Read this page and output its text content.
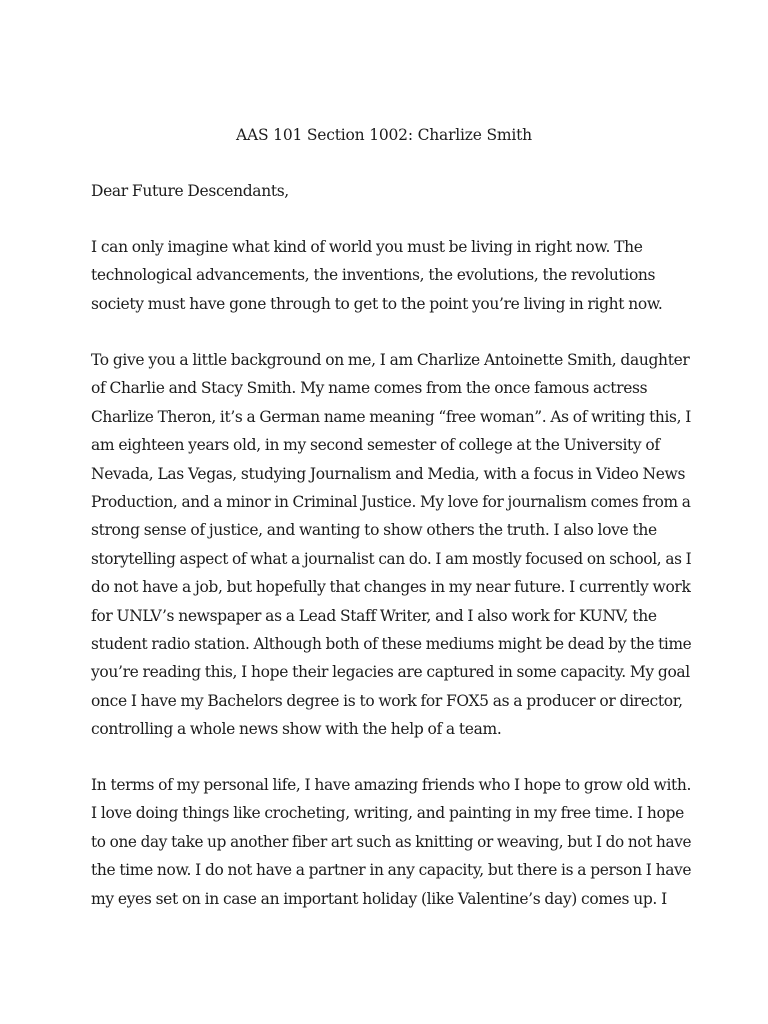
AAS 101 Section 1002: Charlize Smith
Dear Future Descendants,
I can only imagine what kind of world you must be living in right now. The
technological advancements, the inventions, the evolutions, the revolutions
society must have gone through to get to the point you’re living in right now.
To give you a little background on me, I am Charlize Antoinette Smith, daughter
of Charlie and Stacy Smith. My name comes from the once famous actress
Charlize Theron, it’s a German name meaning “free woman”. As of writing this, I
am eighteen years old, in my second semester of college at the University of
Nevada, Las Vegas, studying Journalism and Media, with a focus in Video News
Production, and a minor in Criminal Justice. My love for journalism comes from a
strong sense of justice, and wanting to show others the truth. I also love the
storytelling aspect of what a journalist can do. I am mostly focused on school, as I
do not have a job, but hopefully that changes in my near future. I currently work
for UNLV’s newspaper as a Lead Staff Writer, and I also work for KUNV, the
student radio station. Although both of these mediums might be dead by the time
you’re reading this, I hope their legacies are captured in some capacity. My goal
once I have my Bachelors degree is to work for FOX5 as a producer or director,
controlling a whole news show with the help of a team.
In terms of my personal life, I have amazing friends who I hope to grow old with.
I love doing things like crocheting, writing, and painting in my free time. I hope
to one day take up another fiber art such as knitting or weaving, but I do not have
the time now. I do not have a partner in any capacity, but there is a person I have
my eyes set on in case an important holiday (like Valentine’s day) comes up. I
